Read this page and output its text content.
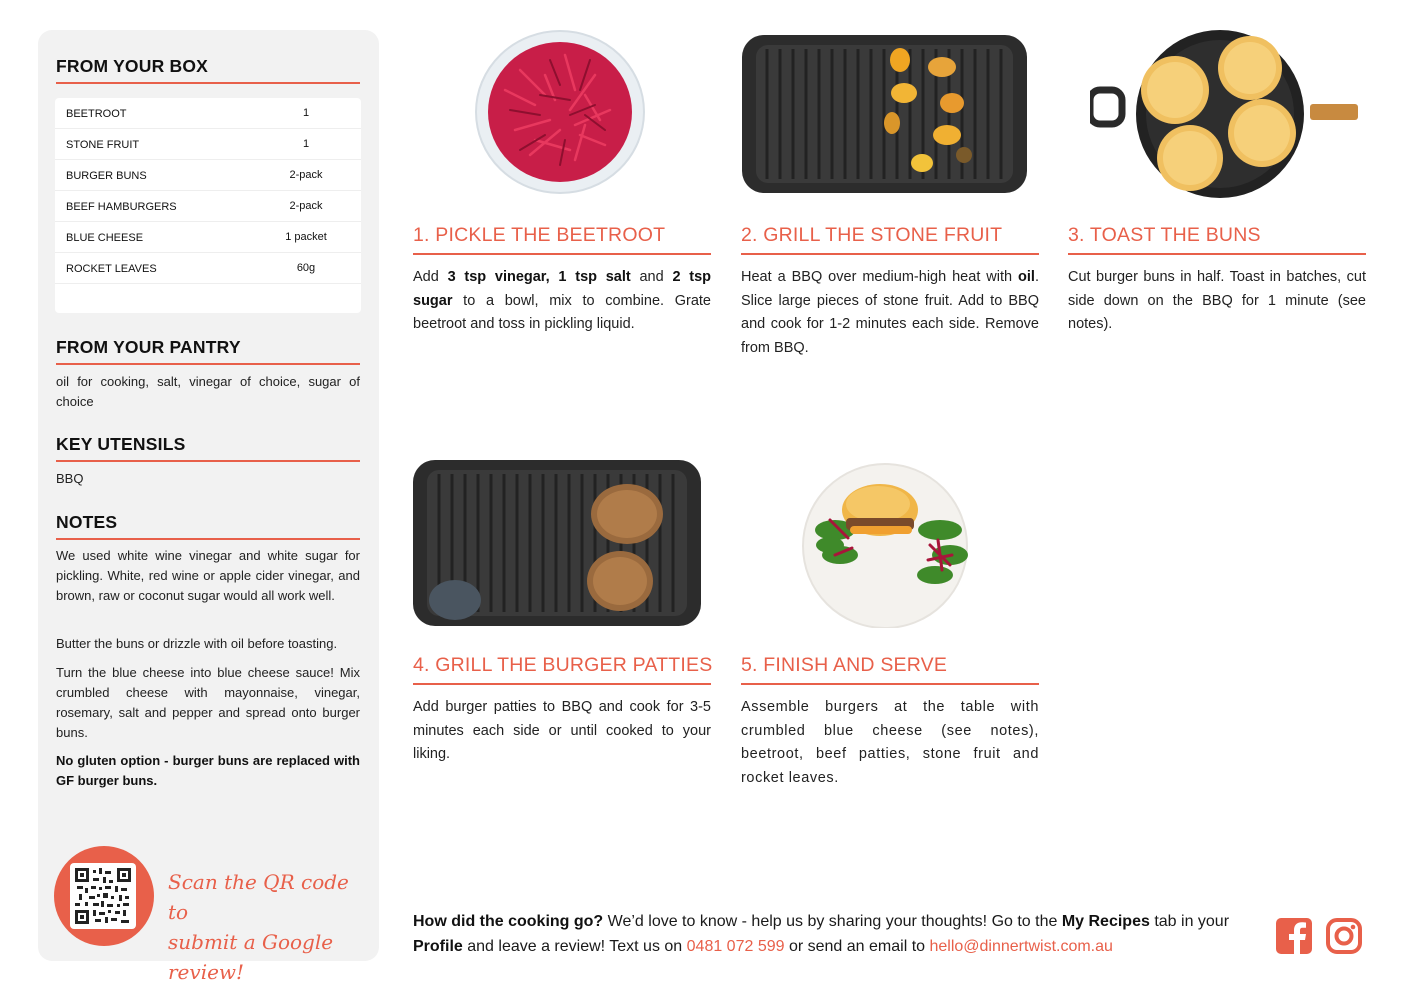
FROM YOUR BOX
BEETROOT	1
STONE FRUIT	1
BURGER BUNS	2-pack
BEEF HAMBURGERS	2-pack
BLUE CHEESE	1 packet
ROCKET LEAVES	60g
FROM YOUR PANTRY
oil for cooking, salt, vinegar of choice, sugar of choice
KEY UTENSILS
BBQ
NOTES
We used white wine vinegar and white sugar for pickling. White, red wine or apple cider vinegar, and brown, raw or coconut sugar would all work well.
Butter the buns or drizzle with oil before toasting.
Turn the blue cheese into blue cheese sauce! Mix crumbled cheese with mayonnaise, vinegar, rosemary, salt and pepper and spread onto burger buns.
No gluten option - burger buns are replaced with GF burger buns.
Scan the QR code to
submit a Google review!
1. PICKLE THE BEETROOT
Add 3 tsp vinegar, 1 tsp salt and 2 tsp sugar to a bowl, mix to combine. Grate beetroot and toss in pickling liquid.
2. GRILL THE STONE FRUIT
Heat a BBQ over medium-high heat with oil. Slice large pieces of stone fruit. Add to BBQ and cook for 1-2 minutes each side. Remove from BBQ.
3. TOAST THE BUNS
Cut burger buns in half. Toast in batches, cut side down on the BBQ for 1 minute (see notes).
4. GRILL THE BURGER PATTIES
Add burger patties to BBQ and cook for 3-5 minutes each side or until cooked to your liking.
5. FINISH AND SERVE
Assemble burgers at the table with crumbled blue cheese (see notes), beetroot, beef patties, stone fruit and rocket leaves.
How did the cooking go? We’d love to know - help us by sharing your thoughts! Go to the My Recipes tab in your Profile and leave a review! Text us on 0481 072 599 or send an email to hello@dinnertwist.com.au
